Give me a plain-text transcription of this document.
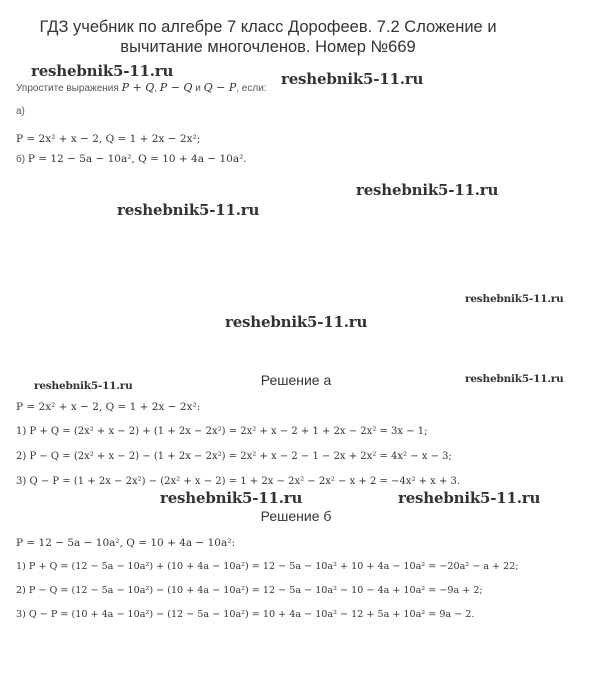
ГДЗ учебник по алгебре 7 класс Дорофеев. 7.2 Сложение и
вычитание многочленов. Номер №669
reshebnik5-11.ru	reshebnik5-11.ru
reshebnik5-11.ru
reshebnik5-11.ru
reshebnik5-11.ru
reshebnik5-11.ru
reshebnik5-11.ru
reshebnik5-11.ru
reshebnik5-11.ru	reshebnik5-11.ru
Упростите выражения P + Q, P − Q и Q − P, если:
а)
P = 2x² + x − 2, Q = 1 + 2x − 2x²;
б) P = 12 − 5a − 10a², Q = 10 + 4a − 10a².
Решение а
P = 2x² + x − 2, Q = 1 + 2x − 2x²:
1) P + Q = (2x² + x − 2) + (1 + 2x − 2x²) = 2x² + x − 2 + 1 + 2x − 2x² = 3x − 1;
2) P − Q = (2x² + x − 2) − (1 + 2x − 2x²) = 2x² + x − 2 − 1 − 2x + 2x² = 4x² − x − 3;
3) Q − P = (1 + 2x − 2x²) − (2x² + x − 2) = 1 + 2x − 2x² − 2x² − x + 2 = −4x² + x + 3.
Решение б
P = 12 − 5a − 10a², Q = 10 + 4a − 10a²:
1) P + Q = (12 − 5a − 10a²) + (10 + 4a − 10a²) = 12 − 5a − 10a² + 10 + 4a − 10a² = −20a² − a + 22;
2) P − Q = (12 − 5a − 10a²) − (10 + 4a − 10a²) = 12 − 5a − 10a² − 10 − 4a + 10a² = −9a + 2;
3) Q − P = (10 + 4a − 10a²) − (12 − 5a − 10a²) = 10 + 4a − 10a² − 12 + 5a + 10a² = 9a − 2.
